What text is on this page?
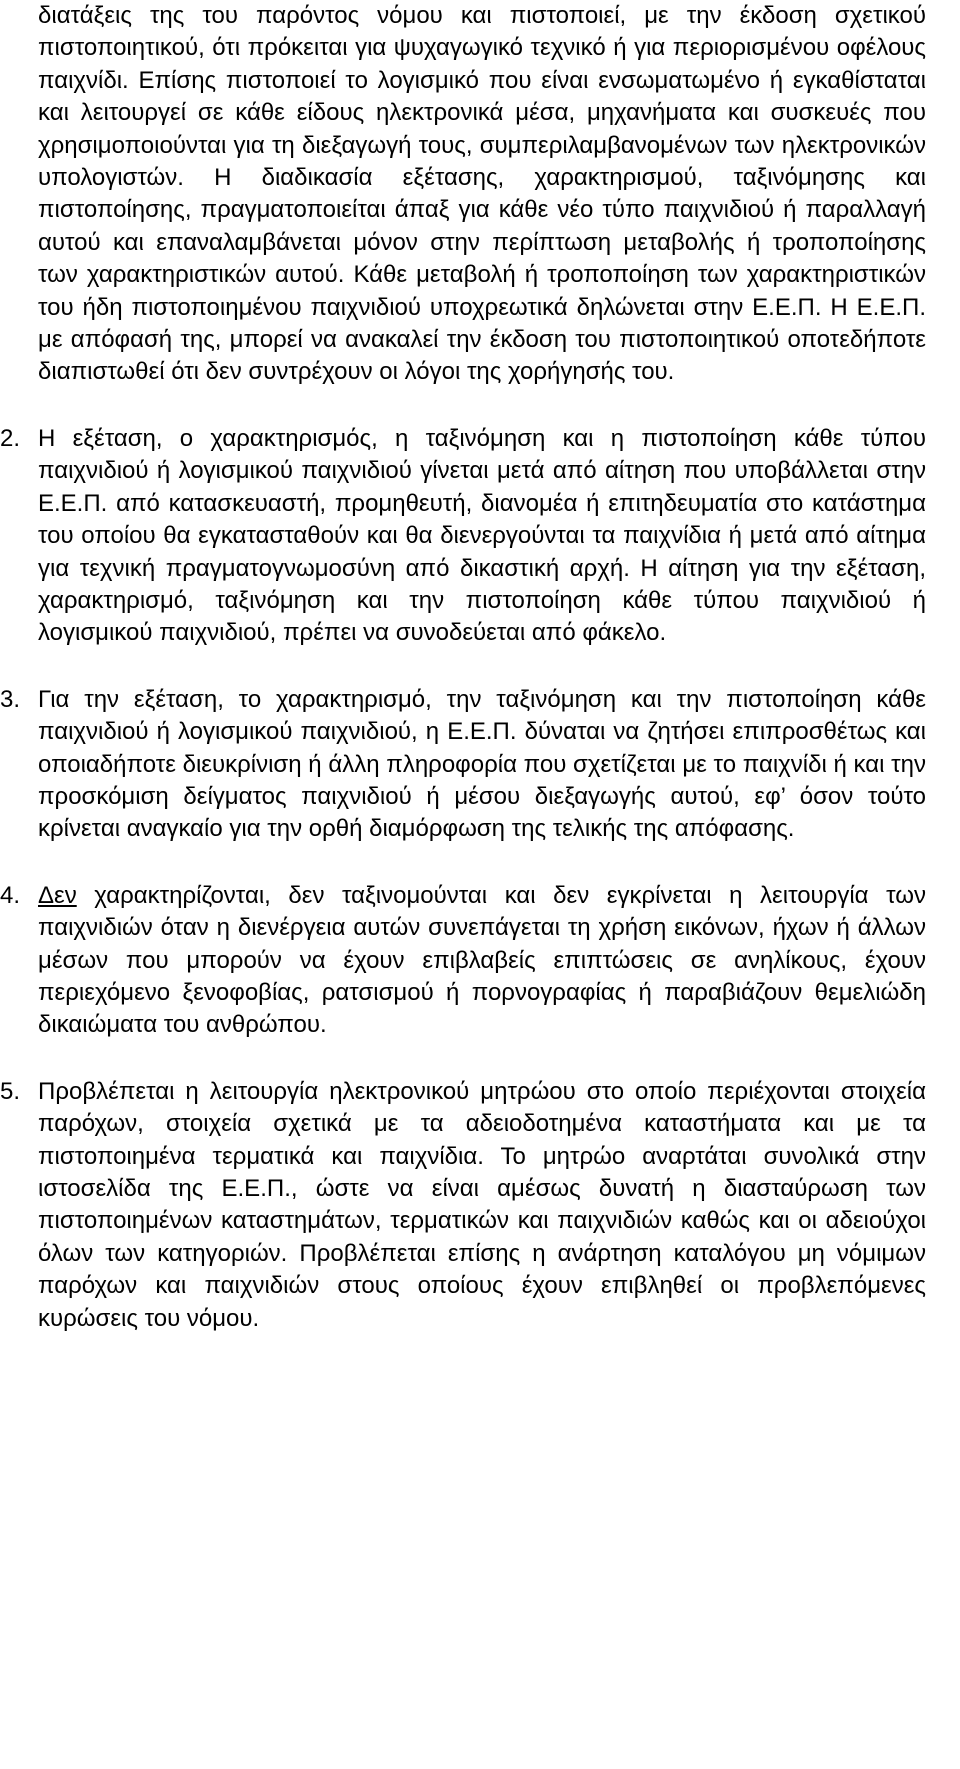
διατάξεις της του παρόντος νόμου και πιστοποιεί, με την έκδοση σχετικού πιστοποιητικού, ότι πρόκειται για ψυχαγωγικό τεχνικό ή για περιορισμένου οφέλους παιχνίδι. Επίσης πιστοποιεί το λογισμικό που είναι ενσωματωμένο ή εγκαθίσταται και λειτουργεί σε κάθε είδους ηλεκτρονικά μέσα, μηχανήματα και συσκευές που χρησιμοποιούνται για τη διεξαγωγή τους, συμπεριλαμβανομένων των ηλεκτρονικών υπολογιστών. Η διαδικασία εξέτασης, χαρακτηρισμού, ταξινόμησης και πιστοποίησης, πραγματοποιείται άπαξ για κάθε νέο τύπο παιχνιδιού ή παραλλαγή αυτού και επαναλαμβάνεται μόνον στην περίπτωση μεταβολής ή τροποποίησης των χαρακτηριστικών αυτού. Κάθε μεταβολή ή τροποποίηση των χαρακτηριστικών του ήδη πιστοποιημένου παιχνιδιού υποχρεωτικά δηλώνεται στην Ε.Ε.Π. Η Ε.Ε.Π. με απόφασή της, μπορεί να ανακαλεί την έκδοση του πιστοποιητικού οποτεδήποτε διαπιστωθεί ότι δεν συντρέχουν οι λόγοι της χορήγησής του.

2. Η εξέταση, ο χαρακτηρισμός, η ταξινόμηση και η πιστοποίηση κάθε τύπου παιχνιδιού ή λογισμικού παιχνιδιού γίνεται μετά από αίτηση που υποβάλλεται στην Ε.Ε.Π. από κατασκευαστή, προμηθευτή, διανομέα ή επιτηδευματία στο κατάστημα του οποίου θα εγκατασταθούν και θα διενεργούνται τα παιχνίδια ή μετά από αίτημα για τεχνική πραγματογνωμοσύνη από δικαστική αρχή. Η αίτηση για την εξέταση, χαρακτηρισμό, ταξινόμηση και την πιστοποίηση κάθε τύπου παιχνιδιού ή λογισμικού παιχνιδιού, πρέπει να συνοδεύεται από φάκελο.

3. Για την εξέταση, το χαρακτηρισμό, την ταξινόμηση και την πιστοποίηση κάθε παιχνιδιού ή λογισμικού παιχνιδιού, η Ε.Ε.Π. δύναται να ζητήσει επιπροσθέτως και οποιαδήποτε διευκρίνιση ή άλλη πληροφορία που σχετίζεται με το παιχνίδι ή και την προσκόμιση δείγματος παιχνιδιού ή μέσου διεξαγωγής αυτού, εφ’ όσον τούτο κρίνεται αναγκαίο για την ορθή διαμόρφωση της τελικής της απόφασης.

4. Δεν χαρακτηρίζονται, δεν ταξινομούνται και δεν εγκρίνεται η λειτουργία των παιχνιδιών όταν η διενέργεια αυτών συνεπάγεται τη χρήση εικόνων, ήχων ή άλλων μέσων που μπορούν να έχουν επιβλαβείς επιπτώσεις σε ανηλίκους, έχουν περιεχόμενο ξενοφοβίας, ρατσισμού ή πορνογραφίας ή παραβιάζουν θεμελιώδη δικαιώματα του ανθρώπου.

5. Προβλέπεται η λειτουργία ηλεκτρονικού μητρώου στο οποίο περιέχονται στοιχεία παρόχων, στοιχεία σχετικά με τα αδειοδοτημένα καταστήματα και με τα πιστοποιημένα τερματικά και παιχνίδια. Το μητρώο αναρτάται συνολικά στην ιστοσελίδα της Ε.Ε.Π., ώστε να είναι αμέσως δυνατή η διασταύρωση των πιστοποιημένων καταστημάτων, τερματικών και παιχνιδιών καθώς και οι αδειούχοι όλων των κατηγοριών. Προβλέπεται επίσης η ανάρτηση καταλόγου μη νόμιμων παρόχων και παιχνιδιών στους οποίους έχουν επιβληθεί οι προβλεπόμενες κυρώσεις του νόμου.
